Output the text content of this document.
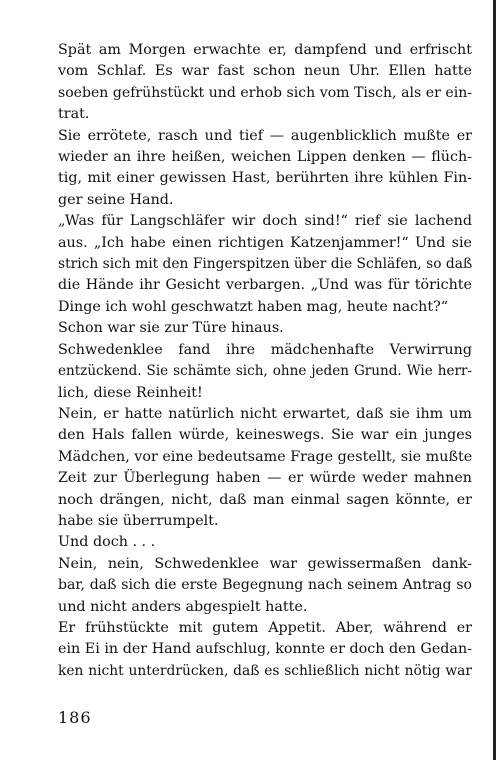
Spät am Morgen erwachte er, dampfend und erfrischt
vom Schlaf. Es war fast schon neun Uhr. Ellen hatte
soeben gefrühstückt und erhob sich vom Tisch, als er ein-
trat.

Sie errötete, rasch und tief — augenblicklich mußte er
wieder an ihre heißen, weichen Lippen denken — flüch-
tig, mit einer gewissen Hast, berührten ihre kühlen Fin-
ger seine Hand.

„Was für Langschläfer wir doch sind!“ rief sie lachend
aus. „Ich habe einen richtigen Katzenjammer!“ Und sie
strich sich mit den Fingerspitzen über die Schläfen, so daß
die Hände ihr Gesicht verbargen. „Und was für törichte
Dinge ich wohl geschwatzt haben mag, heute nacht?“

Schon war sie zur Türe hinaus.

Schwedenklee fand ihre mädchenhafte Verwirrung
entzückend. Sie schämte sich, ohne jeden Grund. Wie herr-
lich, diese Reinheit!

Nein, er hatte natürlich nicht erwartet, daß sie ihm um
den Hals fallen würde, keineswegs. Sie war ein junges
Mädchen, vor eine bedeutsame Frage gestellt, sie mußte
Zeit zur Überlegung haben — er würde weder mahnen
noch drängen, nicht, daß man einmal sagen könnte, er
habe sie überrumpelt.

Und doch . . .

Nein, nein, Schwedenklee war gewissermaßen dank-
bar, daß sich die erste Begegnung nach seinem Antrag so
und nicht anders abgespielt hatte.

Er frühstückte mit gutem Appetit. Aber, während er
ein Ei in der Hand aufschlug, konnte er doch den Gedan-
ken nicht unterdrücken, daß es schließlich nicht nötig war

186
